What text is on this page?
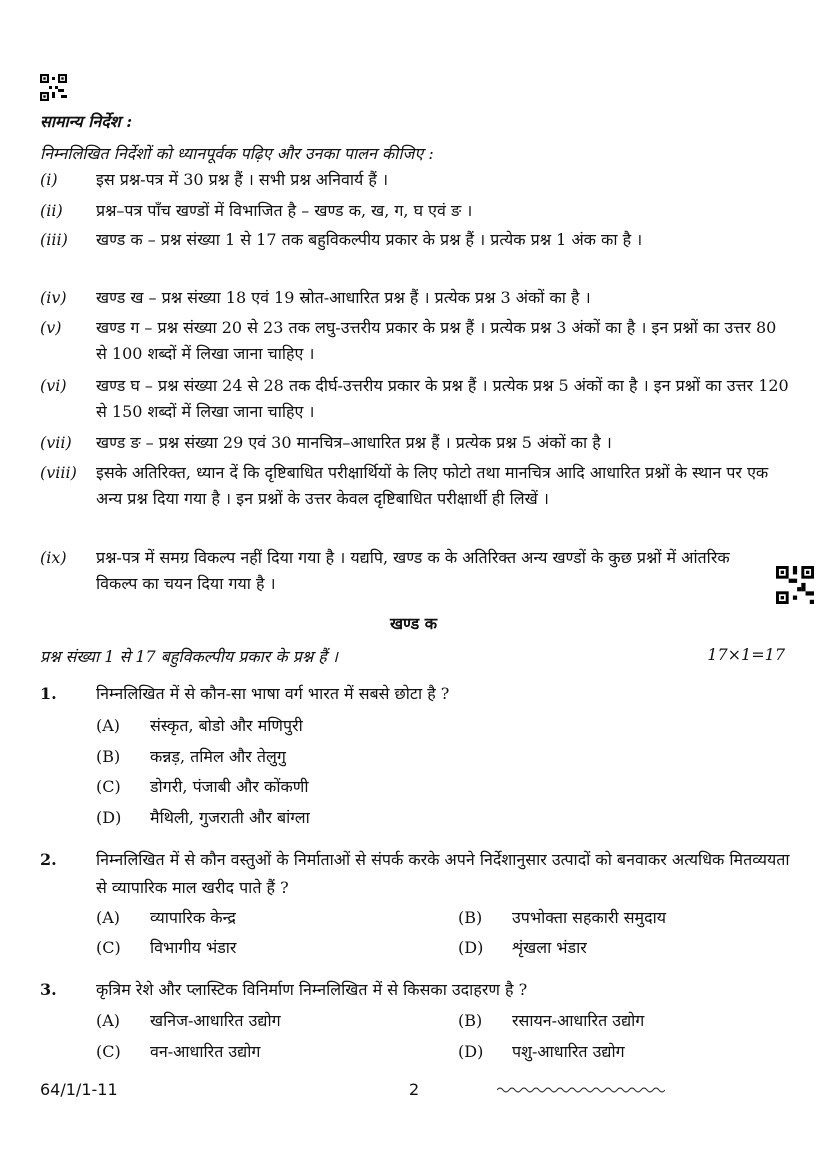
सामान्य निर्देश :
निम्नलिखित निर्देशों को ध्यानपूर्वक पढ़िए और उनका पालन कीजिए :
(i)	इस प्रश्न-पत्र में 30 प्रश्न हैं । सभी प्रश्न अनिवार्य हैं ।
(ii)	प्रश्न–पत्र पाँच खण्डों में विभाजित है – खण्ड क, ख, ग, घ एवं ङ ।
(iii)	खण्ड क – प्रश्न संख्या 1 से 17 तक बहुविकल्पीय प्रकार के प्रश्न हैं । प्रत्येक प्रश्न 1 अंक का है ।
(iv)	खण्ड ख – प्रश्न संख्या 18 एवं 19 स्रोत-आधारित प्रश्न हैं । प्रत्येक प्रश्न 3 अंकों का है ।
(v)	खण्ड ग – प्रश्न संख्या 20 से 23 तक लघु-उत्तरीय प्रकार के प्रश्न हैं । प्रत्येक प्रश्न 3 अंकों का है । इन प्रश्नों का उत्तर 80 से 100 शब्दों में लिखा जाना चाहिए ।
(vi)	खण्ड घ – प्रश्न संख्या 24 से 28 तक दीर्घ-उत्तरीय प्रकार के प्रश्न हैं । प्रत्येक प्रश्न 5 अंकों का है । इन प्रश्नों का उत्तर 120 से 150 शब्दों में लिखा जाना चाहिए ।
(vii)	खण्ड ङ – प्रश्न संख्या 29 एवं 30 मानचित्र–आधारित प्रश्न हैं । प्रत्येक प्रश्न 5 अंकों का है ।
(viii)	इसके अतिरिक्त, ध्यान दें कि दृष्टिबाधित परीक्षार्थियों के लिए फोटो तथा मानचित्र आदि आधारित प्रश्नों के स्थान पर एक अन्य प्रश्न दिया गया है । इन प्रश्नों के उत्तर केवल दृष्टिबाधित परीक्षार्थी ही लिखें ।
(ix)	प्रश्न-पत्र में समग्र विकल्प नहीं दिया गया है । यद्यपि, खण्ड क के अतिरिक्त अन्य खण्डों के कुछ प्रश्नों में आंतरिक विकल्प का चयन दिया गया है ।
खण्ड क
प्रश्न संख्या 1 से 17 बहुविकल्पीय प्रकार के प्रश्न हैं ।	17×1=17
1. निम्नलिखित में से कौन-सा भाषा वर्ग भारत में सबसे छोटा है ?
(A) संस्कृत, बोडो और मणिपुरी
(B) कन्नड़, तमिल और तेलुगु
(C) डोगरी, पंजाबी और कोंकणी
(D) मैथिली, गुजराती और बांग्ला
2. निम्नलिखित में से कौन वस्तुओं के निर्माताओं से संपर्क करके अपने निर्देशानुसार उत्पादों को बनवाकर अत्यधिक मितव्ययता से व्यापारिक माल खरीद पाते हैं ?
(A) व्यापारिक केन्द्र	(B) उपभोक्ता सहकारी समुदाय
(C) विभागीय भंडार	(D) शृंखला भंडार
3. कृत्रिम रेशे और प्लास्टिक विनिर्माण निम्नलिखित में से किसका उदाहरण है ?
(A) खनिज-आधारित उद्योग	(B) रसायन-आधारित उद्योग
(C) वन-आधारित उद्योग	(D) पशु-आधारित उद्योग
64/1/1-11	2
